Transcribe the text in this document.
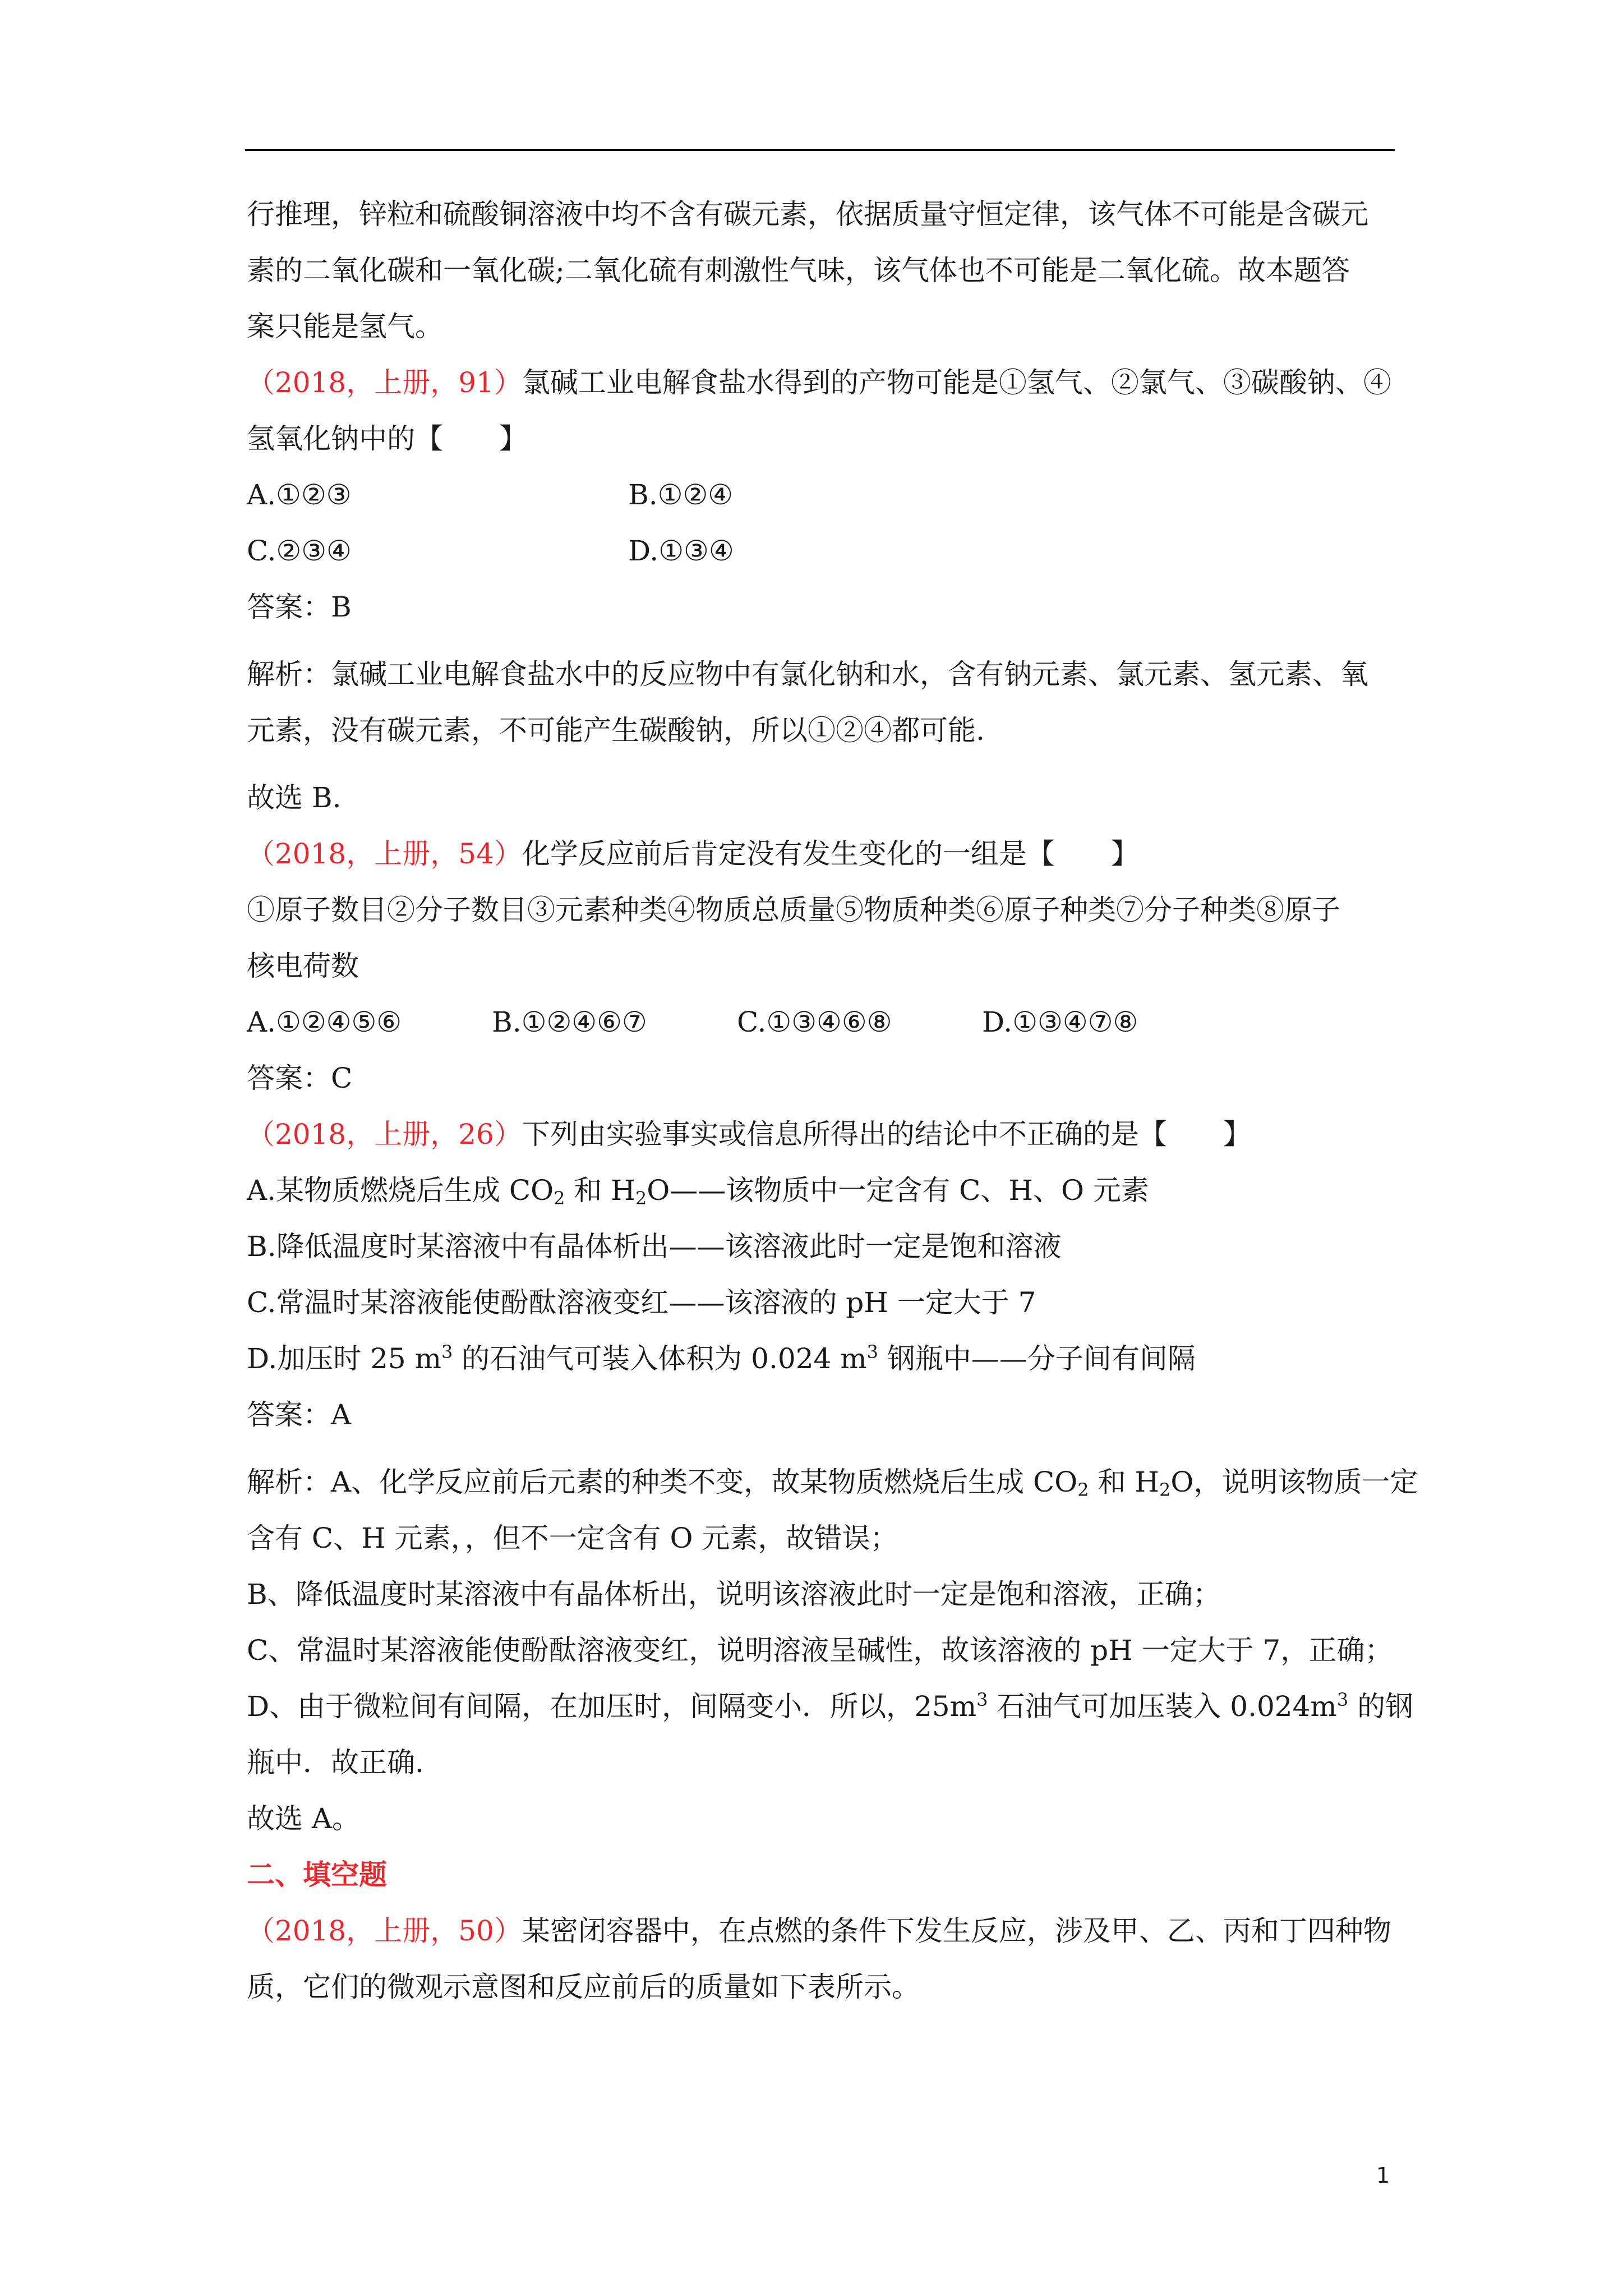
行推理，锌粒和硫酸铜溶液中均不含有碳元素，依据质量守恒定律，该气体不可能是含碳元

素的二氧化碳和一氧化碳;二氧化硫有刺激性气味，该气体也不可能是二氧化硫。故本题答

案只能是氢气。

（2018，上册，91）氯碱工业电解食盐水得到的产物可能是①氢气、②氯气、③碳酸钠、④

氢氧化钠中的【　　】

A.①②③	B.①②④

C.②③④	D.①③④

答案：B

解析：氯碱工业电解食盐水中的反应物中有氯化钠和水，含有钠元素、氯元素、氢元素、氧

元素，没有碳元素，不可能产生碳酸钠，所以①②④都可能.

故选 B.

（2018，上册，54）化学反应前后肯定没有发生变化的一组是【　　】

①原子数目②分子数目③元素种类④物质总质量⑤物质种类⑥原子种类⑦分子种类⑧原子

核电荷数

A.①②④⑤⑥	B.①②④⑥⑦	C.①③④⑥⑧	D.①③④⑦⑧

答案：C

（2018，上册，26）下列由实验事实或信息所得出的结论中不正确的是【　　】

A.某物质燃烧后生成 $CO_2$ 和 $H_2O——$该物质中一定含有 C、H、O 元素

B.降低温度时某溶液中有晶体析出——该溶液此时一定是饱和溶液

C.常温时某溶液能使酚酞溶液变红——该溶液的 pH 一定大于 7

D.加压时 25 $m^3$ 的石油气可装入体积为 0.024 $m^3$ 钢瓶中——分子间有间隔

答案：A

解析：A、化学反应前后元素的种类不变，故某物质燃烧后生成 $CO_2$ 和 $H_2O$，说明该物质一定

含有 C、H 元素，，但不一定含有 O 元素，故错误；

B、降低温度时某溶液中有晶体析出，说明该溶液此时一定是饱和溶液，正确；

C、常温时某溶液能使酚酞溶液变红，说明溶液呈碱性，故该溶液的 pH 一定大于 7，正确；

D、由于微粒间有间隔，在加压时，间隔变小．所以，$25m^3$ 石油气可加压装入 $0.024m^3$ 的钢

瓶中．故正确.

故选 A。

二、填空题

（2018，上册，50）某密闭容器中，在点燃的条件下发生反应，涉及甲、乙、丙和丁四种物

质，它们的微观示意图和反应前后的质量如下表所示。

1
